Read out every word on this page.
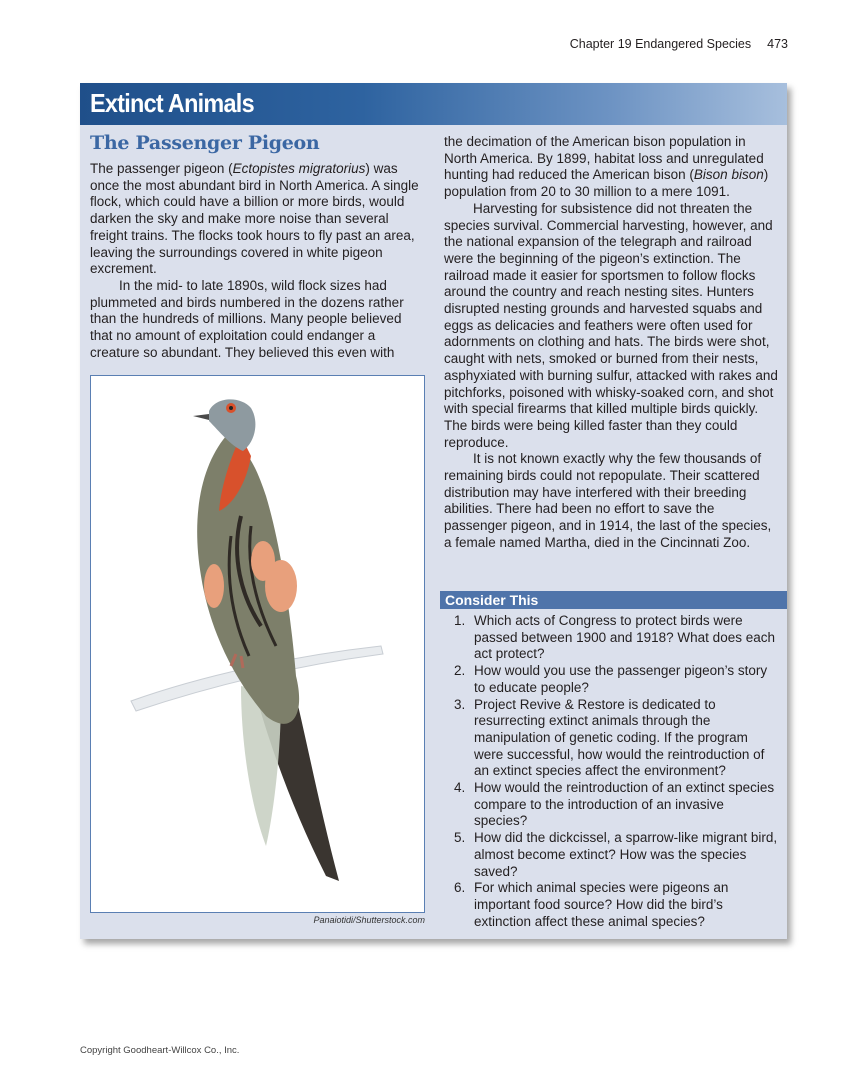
Chapter 19 Endangered Species 473
Extinct Animals
The Passenger Pigeon

The passenger pigeon (Ectopistes migratorius) was once the most abundant bird in North America. A single flock, which could have a billion or more birds, would darken the sky and make more noise than several freight trains. The flocks took hours to fly past an area, leaving the surroundings covered in white pigeon excrement.

In the mid- to late 1890s, wild flock sizes had plummeted and birds numbered in the dozens rather than the hundreds of millions. Many people believed that no amount of exploitation could endanger a creature so abundant. They believed this even with

Panaiotidi/Shutterstock.com

the decimation of the American bison population in North America. By 1899, habitat loss and unregulated hunting had reduced the American bison (Bison bison) population from 20 to 30 million to a mere 1091.

Harvesting for subsistence did not threaten the species survival. Commercial harvesting, however, and the national expansion of the telegraph and railroad were the beginning of the pigeon’s extinction. The railroad made it easier for sportsmen to follow flocks around the country and reach nesting sites. Hunters disrupted nesting grounds and harvested squabs and eggs as delicacies and feathers were often used for adornments on clothing and hats. The birds were shot, caught with nets, smoked or burned from their nests, asphyxiated with burning sulfur, attacked with rakes and pitchforks, poisoned with whisky-soaked corn, and shot with special firearms that killed multiple birds quickly. The birds were being killed faster than they could reproduce.

It is not known exactly why the few thousands of remaining birds could not repopulate. Their scattered distribution may have interfered with their breeding abilities. There had been no effort to save the passenger pigeon, and in 1914, the last of the species, a female named Martha, died in the Cincinnati Zoo.

Consider This
1. Which acts of Congress to protect birds were passed between 1900 and 1918? What does each act protect?
2. How would you use the passenger pigeon’s story to educate people?
3. Project Revive & Restore is dedicated to resurrecting extinct animals through the manipulation of genetic coding. If the program were successful, how would the reintroduction of an extinct species affect the environment?
4. How would the reintroduction of an extinct species compare to the introduction of an invasive species?
5. How did the dickcissel, a sparrow-like migrant bird, almost become extinct? How was the species saved?
6. For which animal species were pigeons an important food source? How did the bird’s extinction affect these animal species?
Copyright Goodheart-Willcox Co., Inc.
